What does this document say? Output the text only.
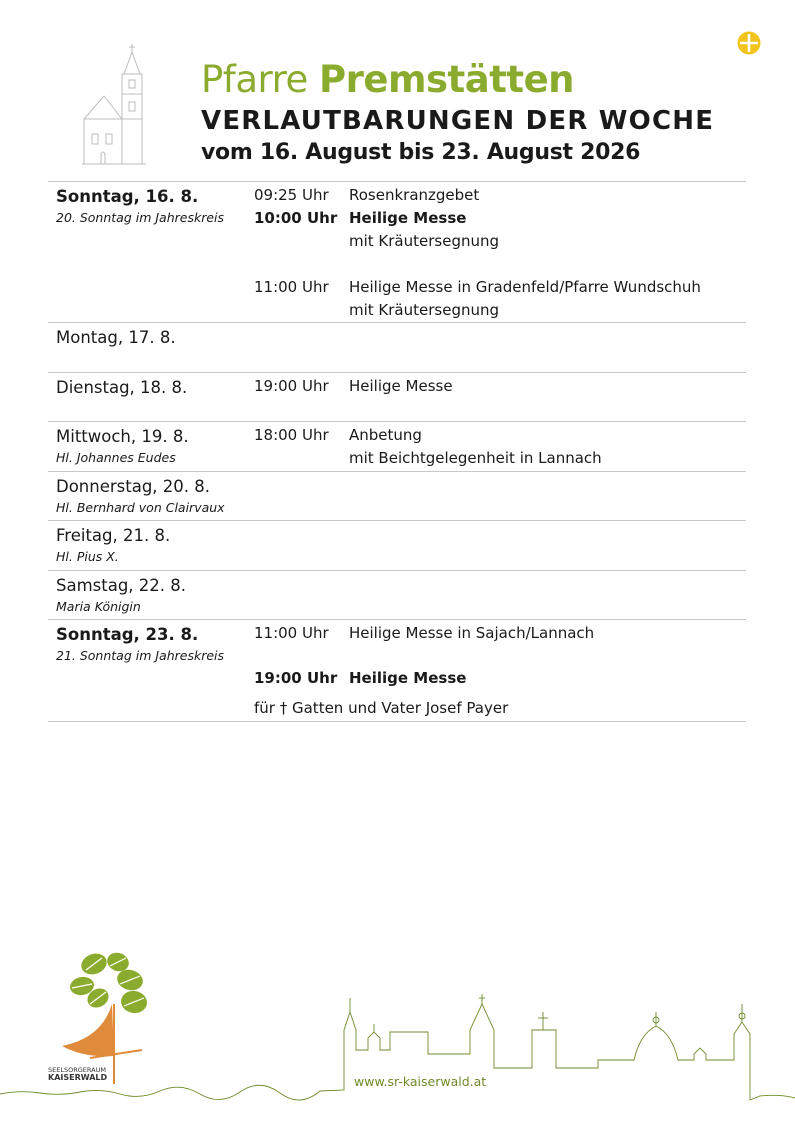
Pfarre Premstätten
VERLAUTBARUNGEN DER WOCHE
vom 16. August bis 23. August 2026
Sonntag, 16. 8.
20. Sonntag im Jahreskreis
09:25 Uhr Rosenkranzgebet
10:00 Uhr Heilige Messe
mit Kräutersegnung
11:00 Uhr Heilige Messe in Gradenfeld/Pfarre Wundschuh
mit Kräutersegnung
Montag, 17. 8.
Dienstag, 18. 8.	19:00 Uhr Heilige Messe
Mittwoch, 19. 8.
Hl. Johannes Eudes
18:00 Uhr Anbetung
mit Beichtgelegenheit in Lannach
Donnerstag, 20. 8.
Hl. Bernhard von Clairvaux
Freitag, 21. 8.
Hl. Pius X.
Samstag, 22. 8.
Maria Königin
Sonntag, 23. 8.
21. Sonntag im Jahreskreis
11:00 Uhr Heilige Messe in Sajach/Lannach
19:00 Uhr Heilige Messe
für † Gatten und Vater Josef Payer
SEELSORGERAUM
KAISERWALD	www.sr-kaiserwald.at
